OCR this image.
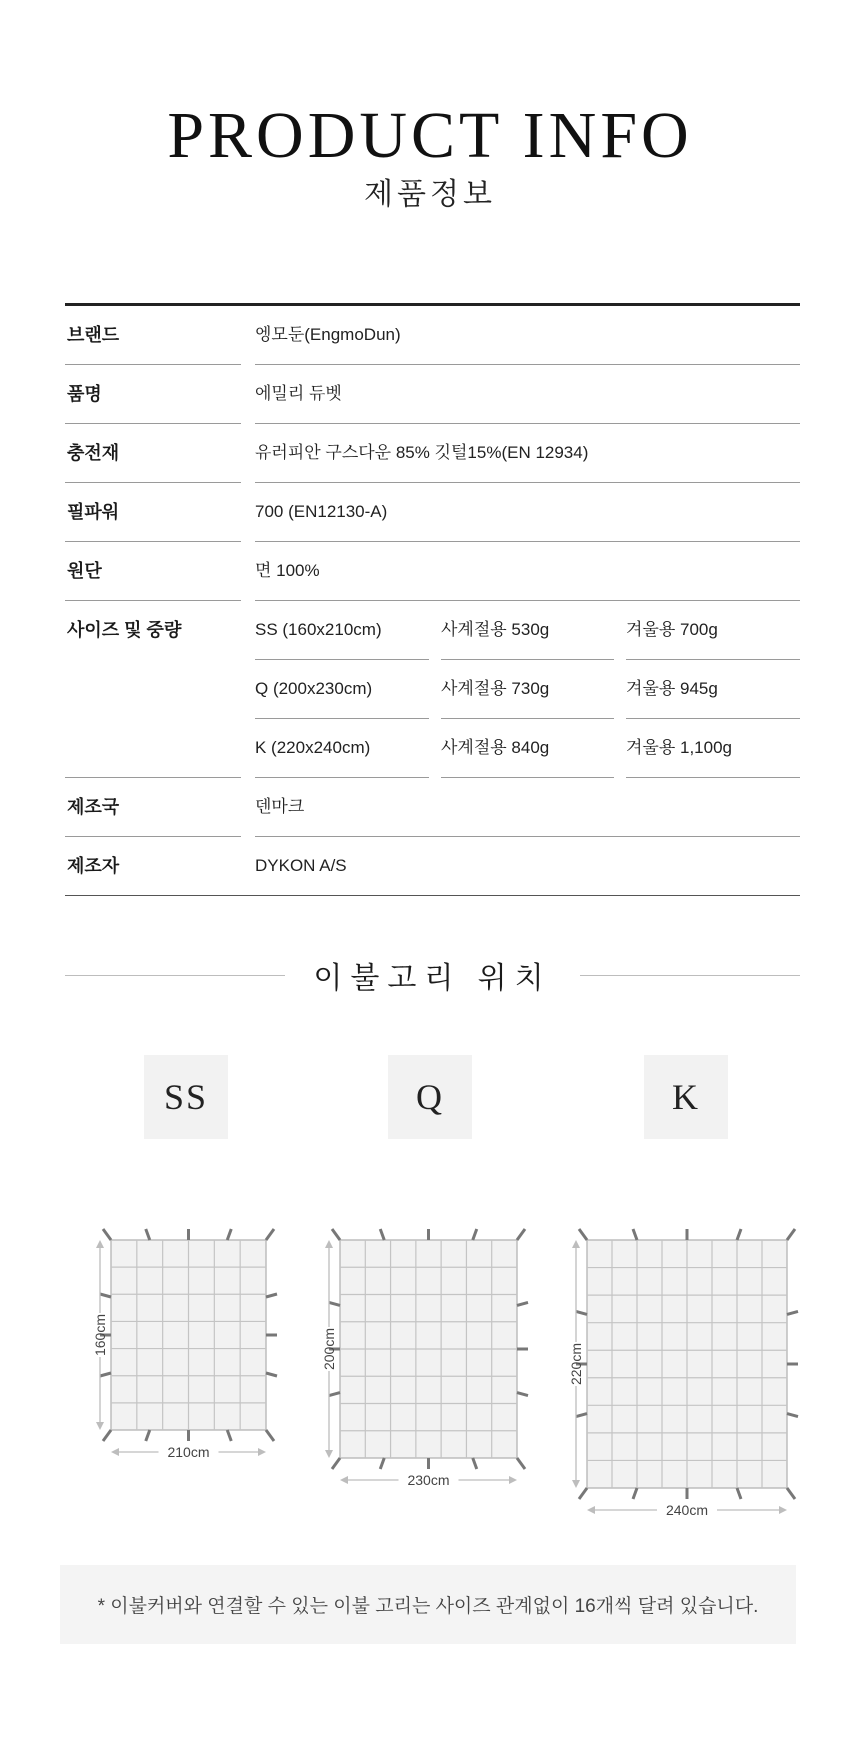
PRODUCT INFO
제품정보
브랜드	엥모둔(EngmoDun)
품명	에밀리 듀벳
충전재	유러피안 구스다운 85% 깃털15%(EN 12934)
필파워	700 (EN12130-A)
원단	면 100%
사이즈 및 중량	SS (160x210cm)	사계절용 530g	겨울용 700g
Q (200x230cm)	사계절용 730g	겨울용 945g
K (220x240cm)	사계절용 840g	겨울용 1,100g
제조국	덴마크
제조자	DYKON A/S
이불고리 위치
SS	Q	K
160cm
210cm
200cm
230cm
220cm
240cm
* 이불커버와 연결할 수 있는 이불 고리는 사이즈 관계없이 16개씩 달려 있습니다.
